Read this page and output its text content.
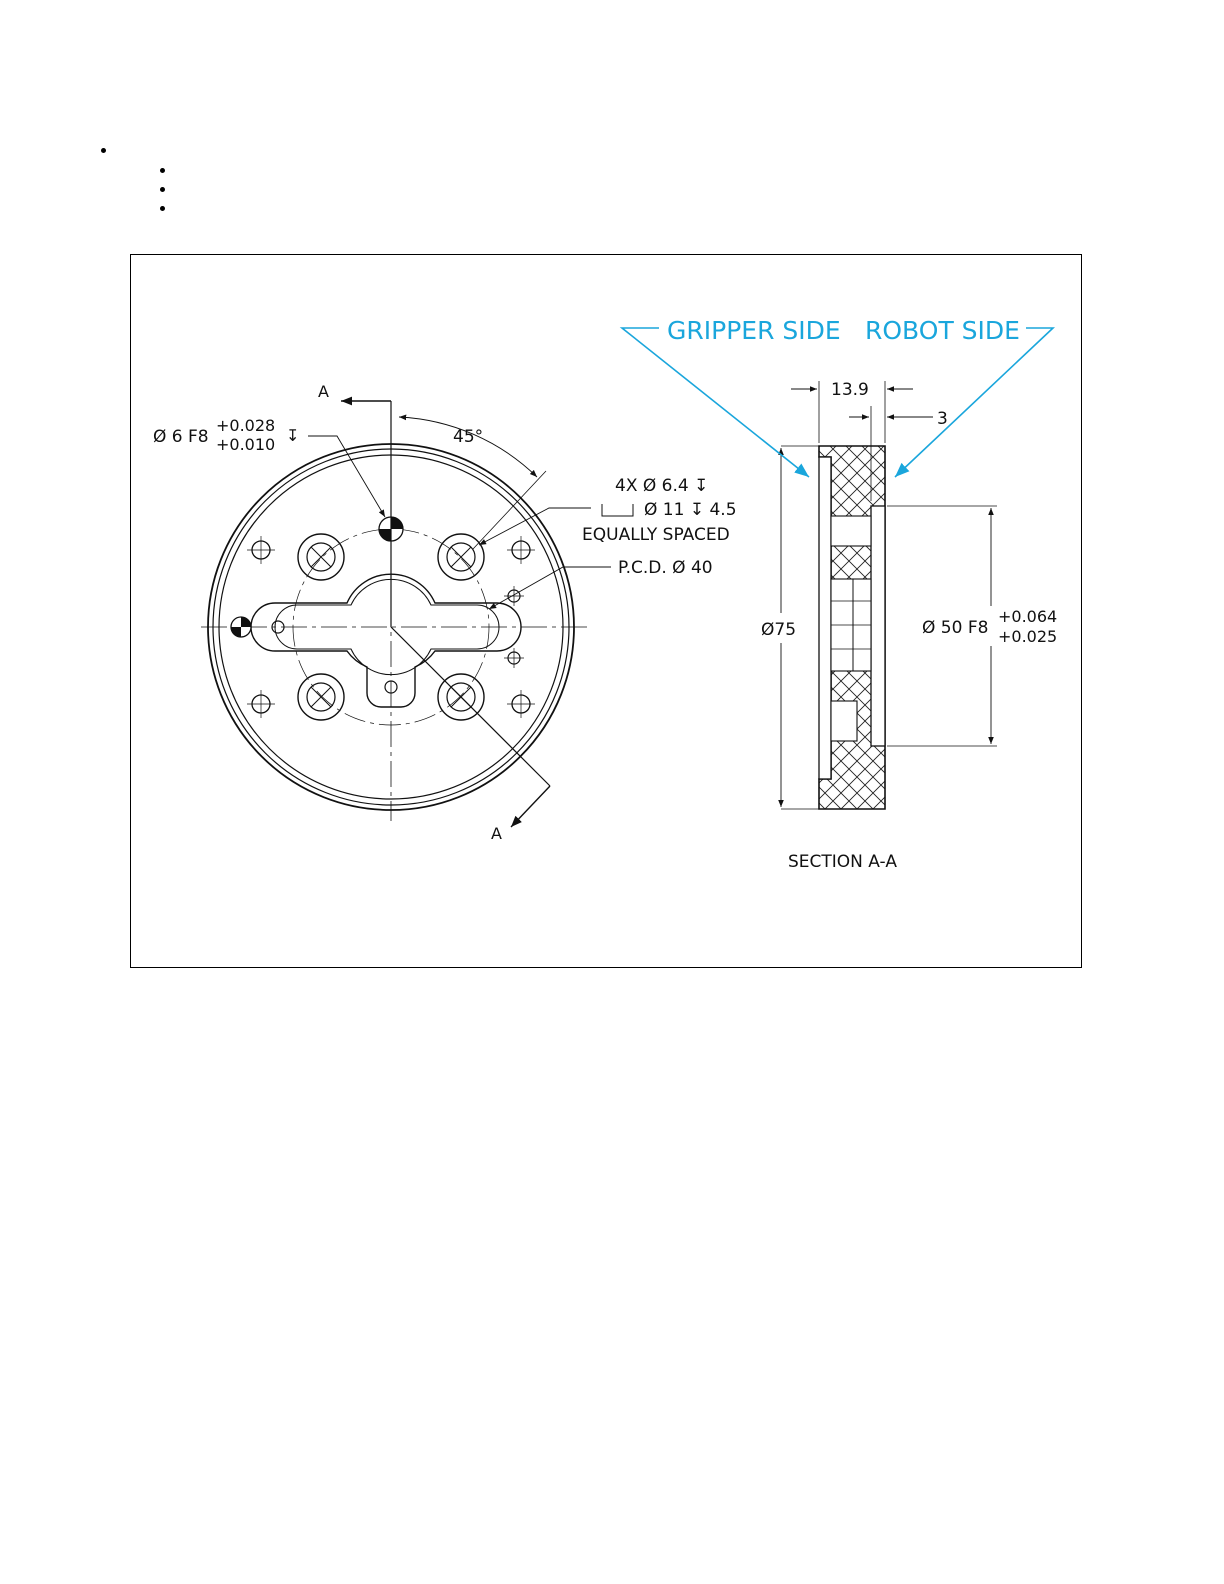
A
A
45°
Ø 6 F8
+0.028
+0.010 ↧
4X Ø 6.4 ↧
Ø 11 ↧ 4.5
EQUALLY SPACED
P.C.D. Ø 40
Ø75	Ø 50 F8
+0.064
+0.025
13.9
3
SECTION A-A
GRIPPER SIDE ROBOT SIDE
